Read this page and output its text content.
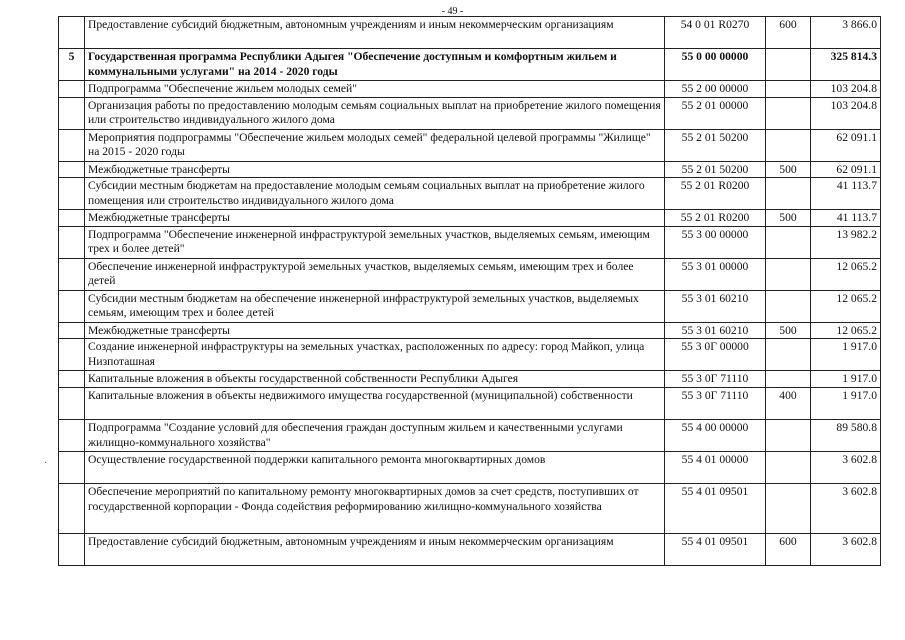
- 49 -
	Предоставление субсидий бюджетным, автономным учреждениям и иным некоммерческим организациям	54 0 01 R0270	600	3 866.0
5	Государственная программа Республики Адыгея "Обеспечение доступным и комфортным жильем и коммунальными услугами" на 2014 - 2020 годы	55 0 00 00000		325 814.3
	Подпрограмма "Обеспечение жильем молодых семей"	55 2 00 00000		103 204.8
	Организация работы по предоставлению молодым семьям социальных выплат на приобретение жилого помещения или строительство индивидуального жилого дома	55 2 01 00000		103 204.8
	Мероприятия подпрограммы "Обеспечение жильем молодых семей" федеральной целевой программы "Жилище" на 2015 - 2020 годы	55 2 01 50200		62 091.1
	Межбюджетные трансферты	55 2 01 50200	500	62 091.1
	Субсидии местным бюджетам на предоставление молодым семьям социальных выплат на приобретение жилого помещения или строительство индивидуального жилого дома	55 2 01 R0200		41 113.7
	Межбюджетные трансферты	55 2 01 R0200	500	41 113.7
	Подпрограмма "Обеспечение инженерной инфраструктурой земельных участков, выделяемых семьям, имеющим трех и более детей"	55 3 00 00000		13 982.2
	Обеспечение инженерной инфраструктурой земельных участков, выделяемых семьям, имеющим трех и более детей	55 3 01 00000		12 065.2
	Субсидии местным бюджетам на обеспечение инженерной инфраструктурой земельных участков, выделяемых семьям, имеющим трех и более детей	55 3 01 60210		12 065.2
	Межбюджетные трансферты	55 3 01 60210	500	12 065.2
	Создание инженерной инфраструктуры на земельных участках, расположенных по адресу: город Майкоп, улица Низпоташная	55 3 0Г 00000		1 917.0
	Капитальные вложения в объекты государственной собственности Республики Адыгея	55 3 0Г 71110		1 917.0
	Капитальные вложения в объекты недвижимого имущества государственной (муниципальной) собственности	55 3 0Г 71110	400	1 917.0
	Подпрограмма "Создание условий для обеспечения граждан доступным жильем и качественными услугами жилищно-коммунального хозяйства"	55 4 00 00000		89 580.8
	Осуществление государственной поддержки капитального ремонта многоквартирных домов	55 4 01 00000		3 602.8
	Обеспечение мероприятий по капитальному ремонту многоквартирных домов за счет средств, поступивших от государственной корпорации - Фонда содействия реформированию жилищно-коммунального хозяйства	55 4 01 09501		3 602.8
	Предоставление субсидий бюджетным, автономным учреждениям и иным некоммерческим организациям	55 4 01 09501	600	3 602.8
·
